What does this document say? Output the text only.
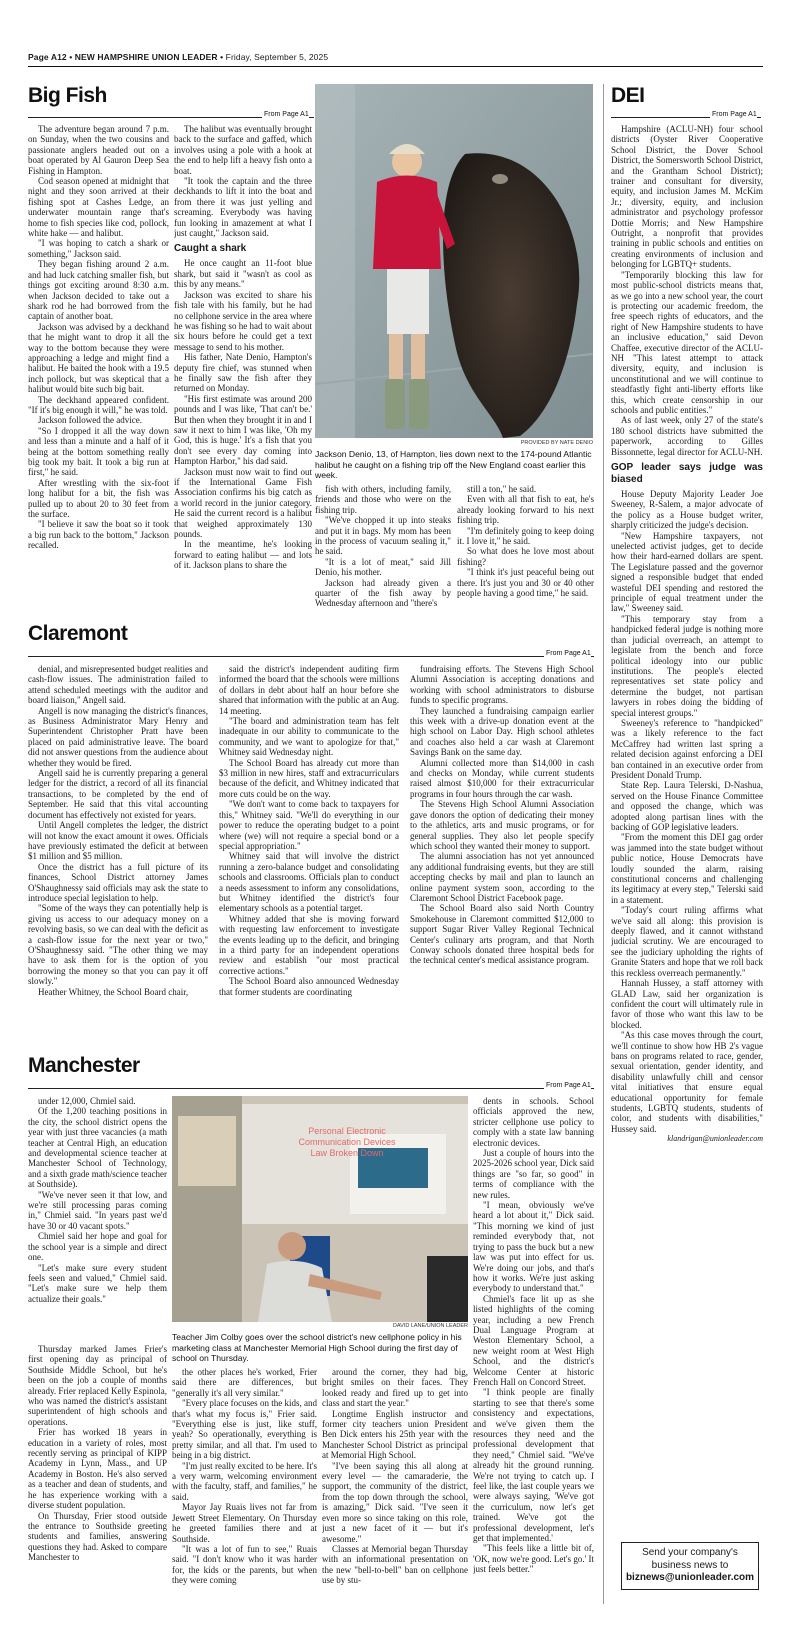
Page A12 • NEW HAMPSHIRE UNION LEADER • Friday, September 5, 2025
Big Fish
From Page A1

The adventure began around 7 p.m. on Sunday, when the two cousins and passionate anglers headed out on a boat operated by Al Gauron Deep Sea Fishing in Hampton.

Cod season opened at midnight that night and they soon arrived at their fishing spot at Cashes Ledge, an underwater mountain range that's home to fish species like cod, pollock, white hake — and halibut.

"I was hoping to catch a shark or something," Jackson said.

They began fishing around 2 a.m. and had luck catching smaller fish, but things got exciting around 8:30 a.m. when Jackson decided to take out a shark rod he had borrowed from the captain of another boat.

Jackson was advised by a deckhand that he might want to drop it all the way to the bottom because they were approaching a ledge and might find a halibut. He baited the hook with a 19.5 inch pollock, but was skeptical that a halibut would bite such big bait.

The deckhand appeared confident. "If it's big enough it will," he was told.

Jackson followed the advice.

"So I dropped it all the way down and less than a minute and a half of it being at the bottom something really big took my bait. It took a big run at first," he said.

After wrestling with the six-foot long halibut for a bit, the fish was pulled up to about 20 to 30 feet from the surface.

"I believe it saw the boat so it took a big run back to the bottom," Jackson recalled.

The halibut was eventually brought back to the surface and gaffed, which involves using a pole with a hook at the end to help lift a heavy fish onto a boat.

"It took the captain and the three deckhands to lift it into the boat and from there it was just yelling and screaming. Everybody was having fun looking in amazement at what I just caught," Jackson said.

Caught a shark

He once caught an 11-foot blue shark, but said it "wasn't as cool as this by any means."

Jackson was excited to share his fish tale with his family, but he had no cellphone service in the area where he was fishing so he had to wait about six hours before he could get a text message to send to his mother.

His father, Nate Denio, Hampton's deputy fire chief, was stunned when he finally saw the fish after they returned on Monday.

"His first estimate was around 200 pounds and I was like, 'That can't be.' But then when they brought it in and I saw it next to him I was like, 'Oh my God, this is huge.' It's a fish that you don't see every day coming into Hampton Harbor," his dad said.

Jackson must now wait to find out if the International Game Fish Association confirms his big catch as a world record in the junior category. He said the current record is a halibut that weighed approximately 130 pounds.

In the meantime, he's looking forward to eating halibut — and lots of it. Jackson plans to share the

PROVIDED BY NATE DENIO
Jackson Denio, 13, of Hampton, lies down next to the 174-pound Atlantic halibut he caught on a fishing trip off the New England coast earlier this week.

fish with others, including family, friends and those who were on the fishing trip.

"We've chopped it up into steaks and put it in bags. My mom has been in the process of vacuum sealing it," he said.

"It is a lot of meat," said Jill Denio, his mother.

Jackson had already given a quarter of the fish away by Wednesday afternoon and "there's

still a ton," he said.

Even with all that fish to eat, he's already looking forward to his next fishing trip.

"I'm definitely going to keep doing it. I love it," he said.

So what does he love most about fishing?

"I think it's just peaceful being out there. It's just you and 30 or 40 other people having a good time," he said.

DEI
From Page A1

Hampshire (ACLU-NH) four school districts (Oyster River Cooperative School District, the Dover School District, the Somersworth School District, and the Grantham School District); trainer and consultant for diversity, equity, and inclusion James M. McKim Jr.; diversity, equity, and inclusion administrator and psychology professor Dottie Morris; and New Hampshire Outright, a nonprofit that provides training in public schools and entities on creating environments of inclusion and belonging for LGBTQ+ students.

"Temporarily blocking this law for most public-school districts means that, as we go into a new school year, the court is protecting our academic freedom, the free speech rights of educators, and the right of New Hampshire students to have an inclusive education," said Devon Chaffee, executive director of the ACLU-NH "This latest attempt to attack diversity, equity, and inclusion is unconstitutional and we will continue to steadfastly fight anti-liberty efforts like this, which create censorship in our schools and public entities."

As of last week, only 27 of the state's 180 school districts have submitted the paperwork, according to Gilles Bissonnette, legal director for ACLU-NH.

GOP leader says judge was biased

House Deputy Majority Leader Joe Sweeney, R-Salem, a major advocate of the policy as a House budget writer, sharply criticized the judge's decision.

"New Hampshire taxpayers, not unelected activist judges, get to decide how their hard-earned dollars are spent. The Legislature passed and the governor signed a responsible budget that ended wasteful DEI spending and restored the principle of equal treatment under the law," Sweeney said.

"This temporary stay from a handpicked federal judge is nothing more than judicial overreach, an attempt to legislate from the bench and force political ideology into our public institutions. The people's elected representatives set state policy and determine the budget, not partisan lawyers in robes doing the bidding of special interest groups."

Sweeney's reference to "handpicked" was a likely reference to the fact McCaffrey had written last spring a related decision against enforcing a DEI ban contained in an executive order from President Donald Trump.

State Rep. Laura Telerski, D-Nashua, served on the House Finance Committee and opposed the change, which was adopted along partisan lines with the backing of GOP legislative leaders.

"From the moment this DEI gag order was jammed into the state budget without public notice, House Democrats have loudly sounded the alarm, raising constitutional concerns and challenging its legitimacy at every step," Telerski said in a statement.

"Today's court ruling affirms what we've said all along: this provision is deeply flawed, and it cannot withstand judicial scrutiny. We are encouraged to see the judiciary upholding the rights of Granite Staters and hope that we roll back this reckless overreach permanently."

Hannah Hussey, a staff attorney with GLAD Law, said her organization is confident the court will ultimately rule in favor of those who want this law to be blocked.

"As this case moves through the court, we'll continue to show how HB 2's vague bans on programs related to race, gender, sexual orientation, gender identity, and disability unlawfully chill and censor vital initiatives that ensure equal educational opportunity for female students, LGBTQ students, students of color, and students with disabilities," Hussey said.

klandrigan@unionleader.com
Send your company's
business news to
biznews@unionleader.com
Claremont
From Page A1

denial, and misrepresented budget realities and cash-flow issues. The administration failed to attend scheduled meetings with the auditor and board liaison," Angell said.

Angell is now managing the district's finances, as Business Administrator Mary Henry and Superintendent Christopher Pratt have been placed on paid administrative leave. The board did not answer questions from the audience about whether they would be fired.

Angell said he is currently preparing a general ledger for the district, a record of all its financial transactions, to be completed by the end of September. He said that this vital accounting document has effectively not existed for years.

Until Angell completes the ledger, the district will not know the exact amount it owes. Officials have previously estimated the deficit at between $1 million and $5 million.

Once the district has a full picture of its finances, School District attorney James O'Shaughnessy said officials may ask the state to introduce special legislation to help.

"Some of the ways they can potentially help is giving us access to our adequacy money on a revolving basis, so we can deal with the deficit as a cash-flow issue for the next year or two," O'Shaughnessy said. "The other thing we may have to ask them for is the option of you borrowing the money so that you can pay it off slowly."

Heather Whitney, the School Board chair,

said the district's independent auditing firm informed the board that the schools were millions of dollars in debt about half an hour before she shared that information with the public at an Aug. 14 meeting.

"The board and administration team has felt inadequate in our ability to communicate to the community, and we want to apologize for that," Whitney said Wednesday night.

The School Board has already cut more than $3 million in new hires, staff and extracurriculars because of the deficit, and Whitney indicated that more cuts could be on the way.

"We don't want to come back to taxpayers for this," Whitney said. "We'll do everything in our power to reduce the operating budget to a point where (we) will not require a special bond or a special appropriation."

Whitney said that will involve the district running a zero-balance budget and consolidating schools and classrooms. Officials plan to conduct a needs assessment to inform any consolidations, but Whitney identified the district's four elementary schools as a potential target.

Whitney added that she is moving forward with requesting law enforcement to investigate the events leading up to the deficit, and bringing in a third party for an independent operations review and establish "our most practical corrective actions."

The School Board also announced Wednesday that former students are coordinating

fundraising efforts. The Stevens High School Alumni Association is accepting donations and working with school administrators to disburse funds to specific programs.

They launched a fundraising campaign earlier this week with a drive-up donation event at the high school on Labor Day. High school athletes and coaches also held a car wash at Claremont Savings Bank on the same day.

Alumni collected more than $14,000 in cash and checks on Monday, while current students raised almost $10,000 for their extracurricular programs in four hours through the car wash.

The Stevens High School Alumni Association gave donors the option of dedicating their money to the athletics, arts and music programs, or for general supplies. They also let people specify which school they wanted their money to support.

The alumni association has not yet announced any additional fundraising events, but they are still accepting checks by mail and plan to launch an online payment system soon, according to the Claremont School District Facebook page.

The School Board also said North Country Smokehouse in Claremont committed $12,000 to support Sugar River Valley Regional Technical Center's culinary arts program, and that North Conway schools donated three hospital beds for the technical center's medical assistance program.

Manchester
From Page A1

under 12,000, Chmiel said.

Of the 1,200 teaching positions in the city, the school district opens the year with just three vacancies (a math teacher at Central High, an education and developmental science teacher at Manchester School of Technology, and a sixth grade math/science teacher at Southside).

"We've never seen it that low, and we're still processing paras coming in," Chmiel said. "In years past we'd have 30 or 40 vacant spots."

Chmiel said her hope and goal for the school year is a simple and direct one.

"Let's make sure every student feels seen and valued," Chmiel said. "Let's make sure we help them actualize their goals."

Personal Electronic
Communication Devices
Law Broken Down
DAVID LANE/UNION LEADER
Teacher Jim Colby goes over the school district's new cellphone policy in his marketing class at Manchester Memorial High School during the first day of school on Thursday.

Thursday marked James Frier's first opening day as principal of Southside Middle School, but he's been on the job a couple of months already. Frier replaced Kelly Espinola, who was named the district's assistant superintendent of high schools and operations.

Frier has worked 18 years in education in a variety of roles, most recently serving as principal of KIPP Academy in Lynn, Mass., and UP Academy in Boston. He's also served as a teacher and dean of students, and he has experience working with a diverse student population.

On Thursday, Frier stood outside the entrance to Southside greeting students and families, answering questions they had. Asked to compare Manchester to

the other places he's worked, Frier said there are differences, but "generally it's all very similar."

"Every place focuses on the kids, and that's what my focus is," Frier said. "Everything else is just, like stuff, yeah? So operationally, everything is pretty similar, and all that. I'm used to being in a big district.

"I'm just really excited to be here. It's a very warm, welcoming environment with the faculty, staff, and families," he said.

Mayor Jay Ruais lives not far from Jewett Street Elementary. On Thursday he greeted families there and at Southside.

"It was a lot of fun to see," Ruais said. "I don't know who it was harder for, the kids or the parents, but when they were coming

around the corner, they had big, bright smiles on their faces. They looked ready and fired up to get into class and start the year."

Longtime English instructor and former city teachers union President Ben Dick enters his 25th year with the Manchester School District as principal at Memorial High School.

"I've been saying this all along at every level — the camaraderie, the support, the community of the district, from the top down through the school, is amazing," Dick said. "I've seen it even more so since taking on this role, just a new facet of it — but it's awesome."

Classes at Memorial began Thursday with an informational presentation on the new "bell-to-bell" ban on cellphone use by stu-

dents in schools. School officials approved the new, stricter cellphone use policy to comply with a state law banning electronic devices.

Just a couple of hours into the 2025-2026 school year, Dick said things are "so far, so good" in terms of compliance with the new rules.

"I mean, obviously we've heard a lot about it," Dick said. "This morning we kind of just reminded everybody that, not trying to pass the buck but a new law was put into effect for us. We're doing our jobs, and that's how it works. We're just asking everybody to understand that."

Chmiel's face lit up as she listed highlights of the coming year, including a new French Dual Language Program at Weston Elementary School, a new weight room at West High School, and the district's Welcome Center at historic French Hall on Concord Street.

"I think people are finally starting to see that there's some consistency and expectations, and we've given them the resources they need and the professional development that they need," Chmiel said. "We've already hit the ground running. We're not trying to catch up. I feel like, the last couple years we were always saying, 'We've got the curriculum, now let's get trained. We've got the professional development, let's get that implemented.'

"This feels like a little bit of, 'OK, now we're good. Let's go.' It just feels better."
